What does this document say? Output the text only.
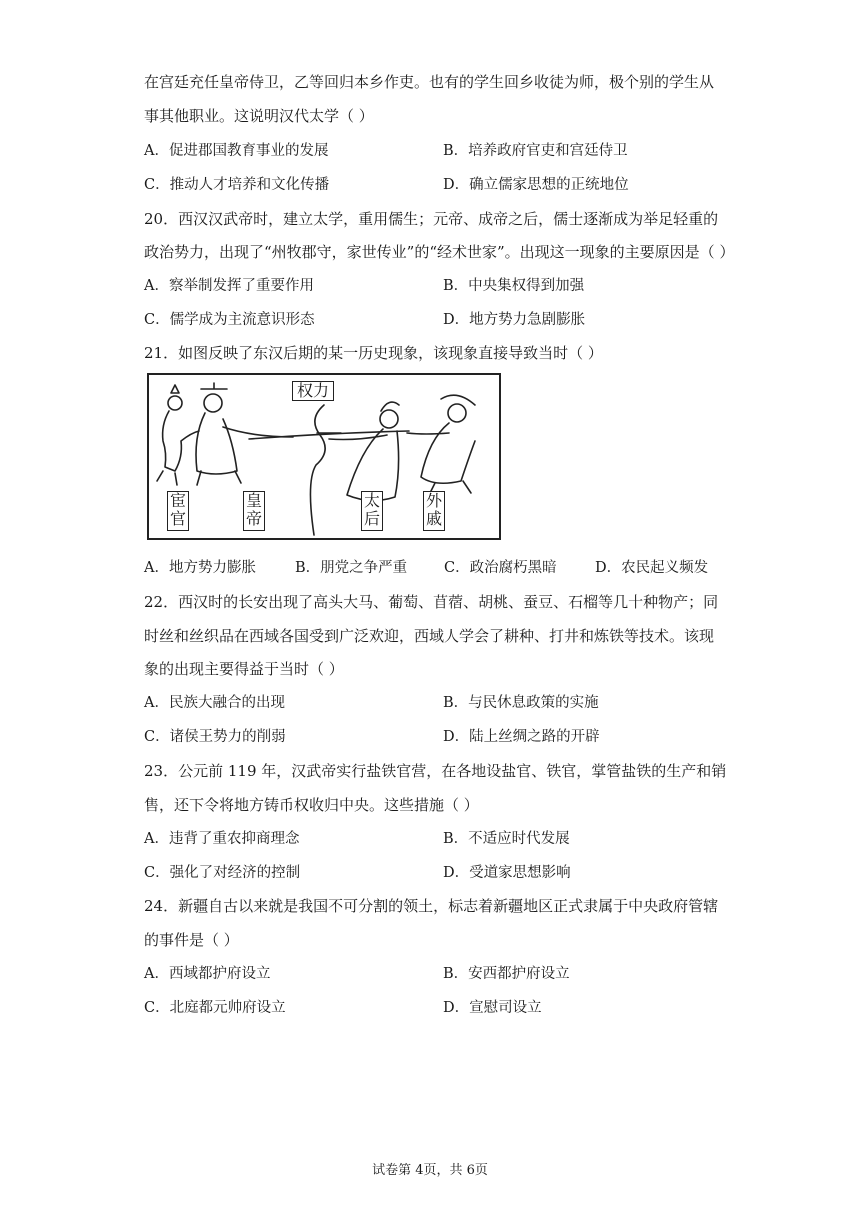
在宫廷充任皇帝侍卫，乙等回归本乡作吏。也有的学生回乡收徒为师，极个别的学生从
事其他职业。这说明汉代太学（ ）
A．促进郡国教育事业的发展	B．培养政府官吏和宫廷侍卫
C．推动人才培养和文化传播	D．确立儒家思想的正统地位
20．西汉汉武帝时，建立太学，重用儒生；元帝、成帝之后，儒士逐渐成为举足轻重的
政治势力，出现了“州牧郡守，家世传业”的“经术世家”。出现这一现象的主要原因是（ ）
A．察举制发挥了重要作用	B．中央集权得到加强
C．儒学成为主流意识形态	D．地方势力急剧膨胀
21．如图反映了东汉后期的某一历史现象，该现象直接导致当时（ ）
权力
宦官
皇帝
太后
外戚
A．地方势力膨胀	B．朋党之争严重	C．政治腐朽黑暗	D．农民起义频发
22．西汉时的长安出现了高头大马、葡萄、苜蓿、胡桃、蚕豆、石榴等几十种物产；同
时丝和丝织品在西域各国受到广泛欢迎，西域人学会了耕种、打井和炼铁等技术。该现
象的出现主要得益于当时（ ）
A．民族大融合的出现	B．与民休息政策的实施
C．诸侯王势力的削弱	D．陆上丝绸之路的开辟
23．公元前 119 年，汉武帝实行盐铁官营，在各地设盐官、铁官，掌管盐铁的生产和销
售，还下令将地方铸币权收归中央。这些措施（ ）
A．违背了重农抑商理念	B．不适应时代发展
C．强化了对经济的控制	D．受道家思想影响
24．新疆自古以来就是我国不可分割的领土，标志着新疆地区正式隶属于中央政府管辖
的事件是（ ）
A．西域都护府设立	B．安西都护府设立
C．北庭都元帅府设立	D．宣慰司设立
试卷第 4页，共 6页
